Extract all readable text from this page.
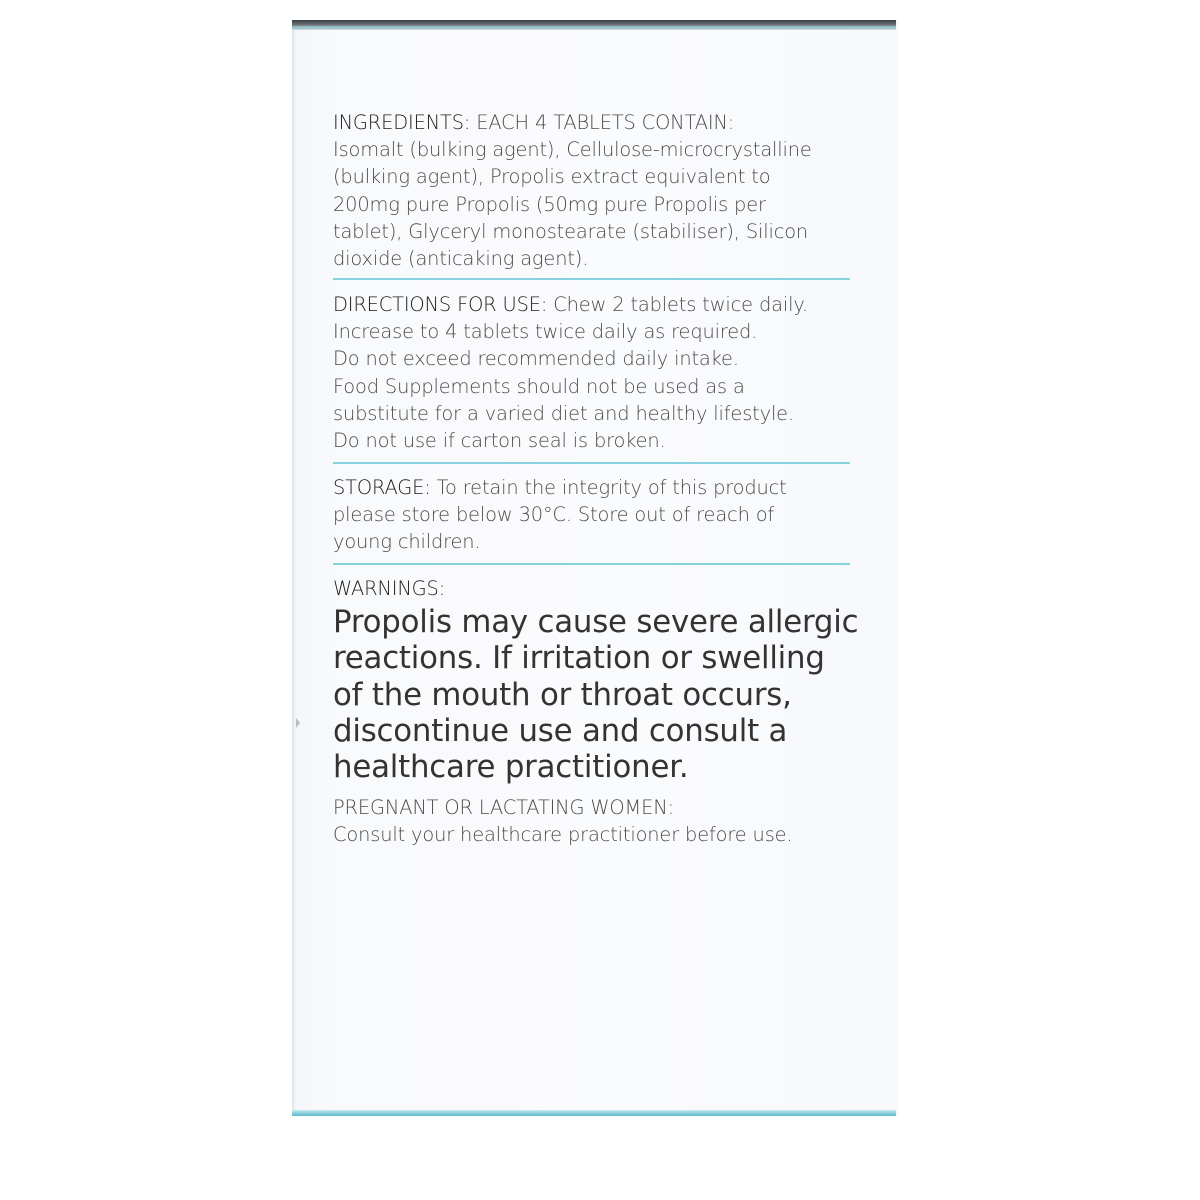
INGREDIENTS: EACH 4 TABLETS CONTAIN:
Isomalt (bulking agent), Cellulose-microcrystalline
(bulking agent), Propolis extract equivalent to
200mg pure Propolis (50mg pure Propolis per
tablet), Glyceryl monostearate (stabiliser), Silicon
dioxide (anticaking agent).
DIRECTIONS FOR USE: Chew 2 tablets twice daily.
Increase to 4 tablets twice daily as required.
Do not exceed recommended daily intake.
Food Supplements should not be used as a
substitute for a varied diet and healthy lifestyle.
Do not use if carton seal is broken.
STORAGE: To retain the integrity of this product
please store below 30°C. Store out of reach of
young children.
WARNINGS:
Propolis may cause severe allergic
reactions. If irritation or swelling
of the mouth or throat occurs,
discontinue use and consult a
healthcare practitioner.
PREGNANT OR LACTATING WOMEN:
Consult your healthcare practitioner before use.
